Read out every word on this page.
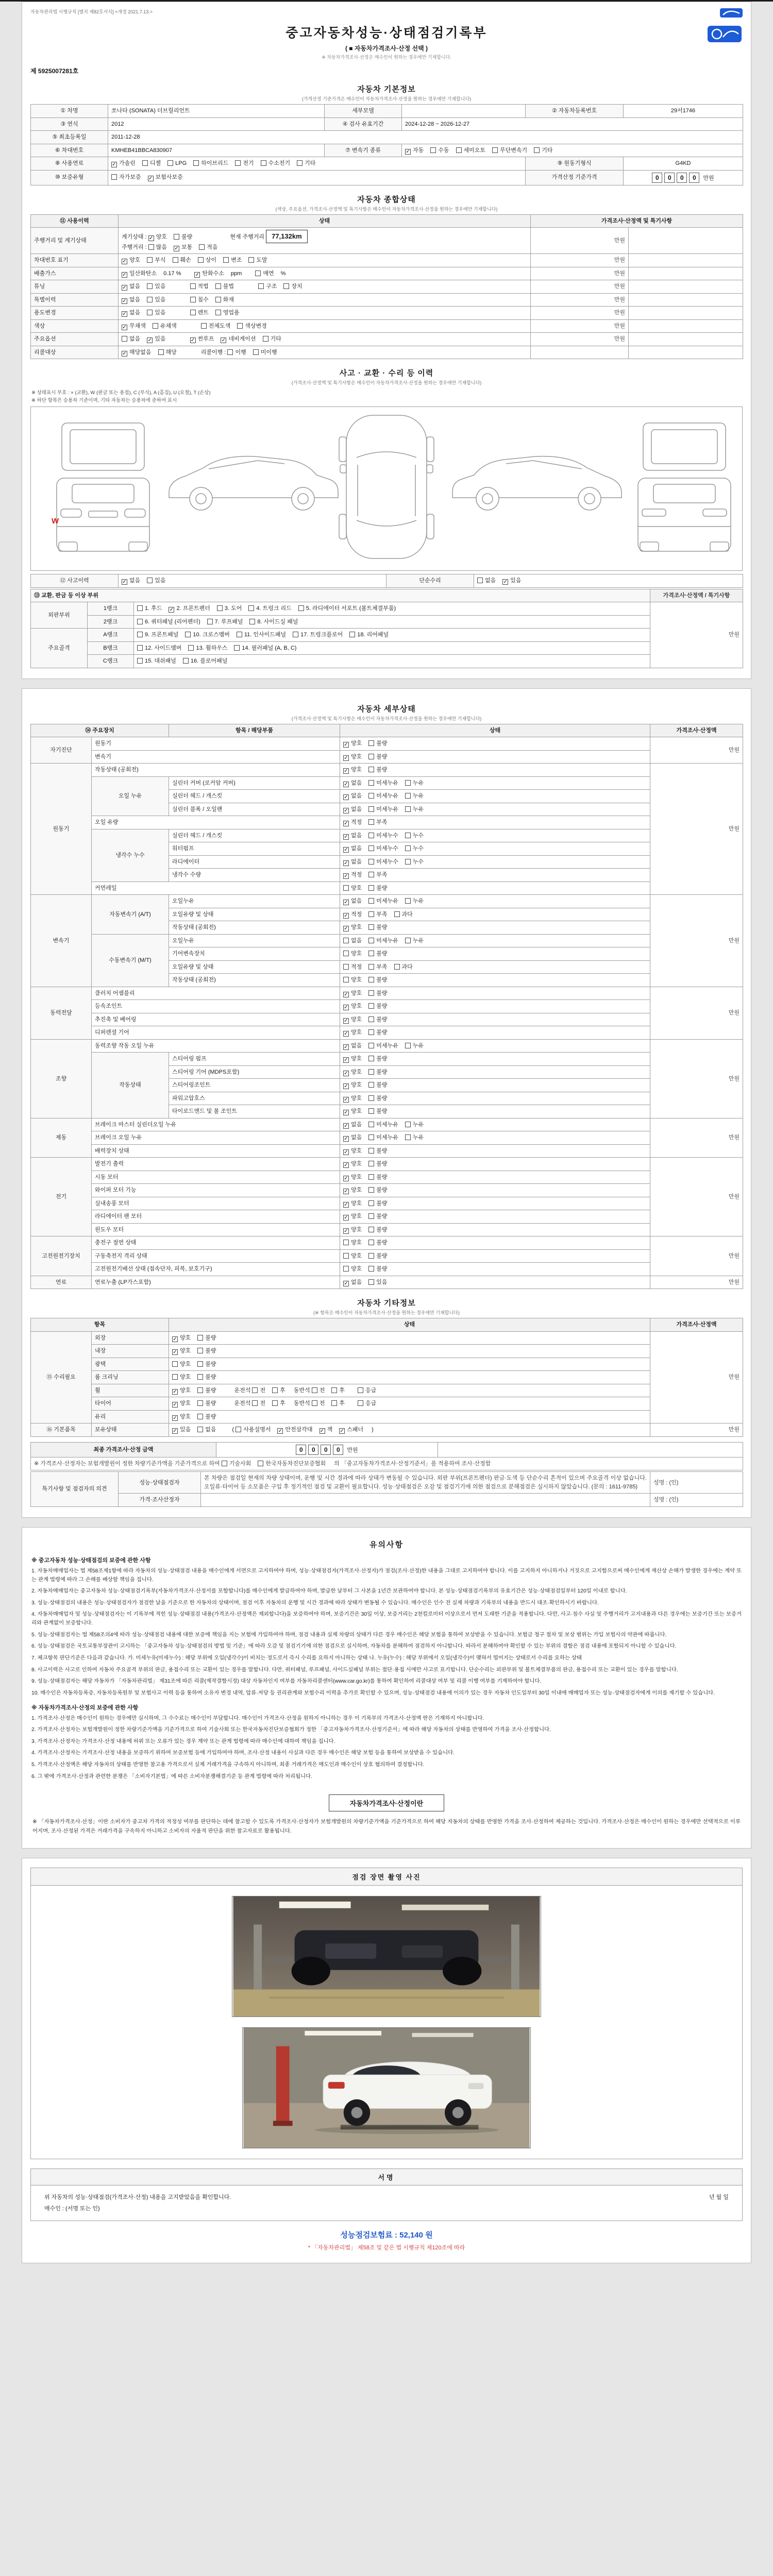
자동차관리법 시행규칙 [별지 제82호서식] <개정 2021.7.13.>
중고자동차성능·상태점검기록부
( ■ 자동차가격조사·산정 선택 )
※ 자동차가격조사·산정은 매수인이 원하는 경우에만 기재합니다.
제 5925007281호
자동차 기본정보
(가격산정 기준가격은 매수인이 자동차가격조사·산정을 원하는 경우에만 기재합니다)
① 차명	쏘나타 (SONATA) 더브릴리언트	세부모델		② 자동차등록번호	29서1746
③ 연식	2012	④ 검사 유효기간	2024-12-28 ~ 2026-12-27		
⑤ 최초등록일	2011-12-28				
⑥ 차대번호	KMHEB41BBCA830907	⑦ 변속기 종류	✓ 자동 수동 세미오토 무단변속기 기타		
⑧ 사용연료	✓ 가솔린 디젤 LPG 하이브리드 전기 수소전기 기타			⑨ 원동기형식	G4KD
⑩ 보증유형	자가보증 ✓ 보험사보증			가격산정 기준가격	0 0 0 0 만원
자동차 종합상태
(색상, 주요옵션, 가격조사·산정액 및 특기사항은 매수인이 자동차가격조사·산정을 원하는 경우에만 기재합니다)
⑪ 사용이력	상태	가격조사·산정액 및 특기사항	
주행거리 및 계기상태	계기상태 : ✓ 양호 불량 현재 주행거리 77,132km
주행거리 : 많음 ✓ 보통 적음	만원	
차대번호 표기	✓ 양호 부식 훼손 상이 변조 도말	만원	
배출가스	✓ 일산화탄소 0.17 % ✓ 탄화수소 ppm 매연 %	만원	
튜닝	✓ 없음 있음 적법 불법 구조 장치	만원	
특별이력	✓ 없음 있음 침수 화재	만원	
용도변경	✓ 없음 있음 렌트 영업용	만원	
색상	✓ 무채색 유채색 전체도색 색상변경	만원	
주요옵션	없음 ✓ 있음 ✓ 썬루프 ✓ 네비게이션 기타	만원	
리콜대상	✓ 해당없음 해당 리콜이행 : 이행 미이행		
사고 · 교환 · 수리 등 이력
(가격조사·산정액 및 특기사항은 매수인이 자동차가격조사·산정을 원하는 경우에만 기재합니다)
※ 상태표시 부호 : × (교환), W (판금 또는 용접), C (부식), A (흠집), U (요철), T (손상)
※ 하단 항목은 승용차 기준이며, 기타 자동차는 승용차에 준하여 표시
W
⑫ 사고이력	✓ 없음	있음	단순수리	없음 ✓ 있음
⑬ 교환, 판금 등 이상 부위			가격조사·산정액 / 특기사항
외판부위	1랭크	1. 후드 ✓ 2. 프론트펜더 3. 도어 4. 트렁크 리드 5. 라디에이터 서포트 (볼트체결부품)	만원
	2랭크	6. 쿼터패널 (리어펜더) 7. 루프패널 8. 사이드실 패널	
주요골격	A랭크	9. 프론트패널 10. 크로스멤버 11. 인사이드패널 17. 트렁크플로어 18. 리어패널	
	B랭크	12. 사이드멤버 13. 휠하우스 14. 필러패널 (A, B, C)	
	C랭크	15. 대쉬패널 16. 플로어패널	
자동차 세부상태
(가격조사·산정액 및 특기사항은 매수인이 자동차가격조사·산정을 원하는 경우에만 기재합니다)
⑭ 주요장치		항목 / 해당부품	상태	가격조사·산정액
자기진단	원동기		✓ 양호 불량	만원
	변속기		✓ 양호 불량	
원동기	작동상태 (공회전)		✓ 양호 불량	만원
	오일 누유	실린더 커버 (로커암 커버)	✓ 없음 미세누유 누유	
		실린더 헤드 / 개스킷	✓ 없음 미세누유 누유	
		실린더 블록 / 오일팬	✓ 없음 미세누유 누유	
	오일 유량		✓ 적정 부족	
	냉각수 누수	실린더 헤드 / 개스킷	✓ 없음 미세누수 누수	
		워터펌프	✓ 없음 미세누수 누수	
		라디에이터	✓ 없음 미세누수 누수	
		냉각수 수량	✓ 적정 부족	
	커먼레일		양호 불량	
변속기	자동변속기 (A/T)	오일누유	✓ 없음 미세누유 누유	만원
		오일유량 및 상태	✓ 적정 부족 과다	
		작동상태 (공회전)	✓ 양호 불량	
	수동변속기 (M/T)	오일누유	없음 미세누유 누유	
		기어변속장치	양호 불량	
		오일유량 및 상태	적정 부족 과다	
		작동상태 (공회전)	양호 불량	
동력전달	클러치 어셈블리		✓ 양호 불량	만원
	등속조인트		✓ 양호 불량	
	추진축 및 베어링		✓ 양호 불량	
	디퍼렌셜 기어		✓ 양호 불량	
조향	동력조향 작동 오일 누유		✓ 없음 미세누유 누유	만원
	작동상태	스티어링 펌프	✓ 양호 불량	
		스티어링 기어 (MDPS포함)	✓ 양호 불량	
		스티어링조인트	✓ 양호 불량	
		파워고압호스	✓ 양호 불량	
		타이로드엔드 및 볼 조인트	✓ 양호 불량	
제동	브레이크 마스터 실린더오일 누유		✓ 없음 미세누유 누유	만원
	브레이크 오일 누유		✓ 없음 미세누유 누유	
	배력장치 상태		✓ 양호 불량	
전기	발전기 출력		✓ 양호 불량	만원
	시동 모터		✓ 양호 불량	
	와이퍼 모터 기능		✓ 양호 불량	
	실내송풍 모터		✓ 양호 불량	
	라디에이터 팬 모터		✓ 양호 불량	
	윈도우 모터		✓ 양호 불량	
고전원전기장치	충전구 절연 상태		양호 불량	만원
	구동축전지 격리 상태		양호 불량	
	고전원전기배선 상태 (접속단자, 피복, 보호기구)		양호 불량	
연료	연료누출 (LP가스포함)		✓ 없음 있음	만원
자동차 기타정보
(※ 항목은 매수인이 자동차가격조사·산정을 원하는 경우에만 기재합니다)
항목		상태	가격조사·산정액
⑮ 수리필요	외장	✓ 양호 불량	만원
	내장	✓ 양호 불량	
	광택	양호 불량	
	룸 크리닝	양호 불량	
	휠	✓ 양호 불량 운전석 전 후 동반석 전 후 응급	
	타이어	✓ 양호 불량 운전석 전 후 동반석 전 후 응급	
	유리	✓ 양호 불량	
⑯ 기본품목	보유상태	✓ 있음 없음 ( 사용설명서 ✓ 안전삼각대 ✓ 잭 ✓ 스패너 )	만원
최종 가격조사·산정 금액	0 0 0 0 만원	
※ 가격조사·산정자는 보험개발원이 정한 차량기준가액을 기준가격으로 하여 기술사회	한국자동차진단보증협회 의 「중고자동차가격조사·산정기준서」를 적용하여 조사·산정함
특기사항 및 점검자의 의견	성능·상태점검자	본 차량은 점검일 현재의 차량 상태이며, 운행 및 시간 경과에 따라 상태가 변동될 수 있습니다. 외판 부위(프론트펜더) 판금·도색 등 단순수리 흔적이 있으며 주요골격 이상 없습니다. 오일류·타이어 등 소모품은 구입 후 정기적인 점검 및 교환이 필요합니다. 성능·상태점검은 오감 및 점검기기에 의한 점검으로 분해점검은 실시하지 않았습니다. (문의 : 1611-9785)	성명 : (인)
	가격·조사산정자		성명 : (인)
유의사항
※ 중고자동차 성능·상태점검의 보증에 관한 사항
1. 자동차매매업자는 법 제58조제1항에 따라 자동차의 성능·상태점검 내용을 매수인에게 서면으로 고지하여야 하며, 성능·상태점검자(가격조사·산정자)가 점검(조사·산정)한 내용을 그대로 고지하여야 합니다. 이를 고지하지 아니하거나 거짓으로 고지함으로써 매수인에게 재산상 손해가 발생한 경우에는 계약 또는 관계 법령에 따라 그 손해를 배상할 책임을 집니다.
2. 자동차매매업자는 중고자동차 성능·상태점검기록부(자동차가격조사·산정서를 포함합니다)를 매수인에게 발급하여야 하며, 발급한 날부터 그 사본을 1년간 보관하여야 합니다. 본 성능·상태점검기록부의 유효기간은 성능·상태점검일부터 120일 이내로 합니다.
3. 성능·상태점검의 내용은 성능·상태점검자가 점검한 날을 기준으로 한 자동차의 상태이며, 점검 이후 자동차의 운행 및 시간 경과에 따라 상태가 변동될 수 있습니다. 매수인은 인수 전 실제 차량과 기록부의 내용을 반드시 대조·확인하시기 바랍니다.
4. 자동차매매업자 및 성능·상태점검자는 이 기록부에 적힌 성능·상태점검 내용(가격조사·산정액은 제외합니다)을 보증하여야 하며, 보증기간은 30일 이상, 보증거리는 2천킬로미터 이상으로서 먼저 도래한 기준을 적용합니다. 다만, 사고·침수 사실 및 주행거리가 고지내용과 다른 경우에는 보증기간 또는 보증거리와 관계없이 보증합니다.
5. 성능·상태점검자는 법 제58조의4에 따라 성능·상태점검 내용에 대한 보증에 책임을 지는 보험에 가입하여야 하며, 점검 내용과 실제 차량의 상태가 다른 경우 매수인은 해당 보험을 통하여 보상받을 수 있습니다. 보험금 청구 절차 및 보상 범위는 가입 보험사의 약관에 따릅니다.
6. 성능·상태점검은 국토교통부장관이 고시하는 「중고자동차 성능·상태점검의 방법 및 기준」에 따라 오감 및 점검기기에 의한 점검으로 실시하며, 자동차를 분해하여 점검하지 아니합니다. 따라서 분해하여야 확인할 수 있는 부위의 결함은 점검 내용에 포함되지 아니할 수 있습니다.
7. 체크항목 판단기준은 다음과 같습니다. 가. 미세누유(미세누수) : 해당 부위에 오일(냉각수)이 비치는 정도로서 즉시 수리를 요하지 아니하는 상태 나. 누유(누수) : 해당 부위에서 오일(냉각수)이 맺혀서 떨어지는 상태로서 수리를 요하는 상태
8. 사고이력은 사고로 인하여 자동차 주요골격 부위의 판금, 용접수리 또는 교환이 있는 경우를 말합니다. 다만, 쿼터패널, 루프패널, 사이드실패널 부위는 절단·용접 시에만 사고로 표기합니다. 단순수리는 외판부위 및 볼트체결부품의 판금, 용접수리 또는 교환이 있는 경우를 말합니다.
9. 성능·상태점검자는 해당 자동차가 「자동차관리법」 제31조에 따른 리콜(제작결함시정) 대상 자동차인지 여부를 자동차리콜센터(www.car.go.kr)를 통하여 확인하여 리콜대상 여부 및 리콜 이행 여부를 기재하여야 합니다.
10. 매수인은 자동차등록증, 자동차등록원부 및 보험사고 이력 등을 통하여 소유자 변경 내역, 압류·저당 등 권리관계와 보험수리 이력을 추가로 확인할 수 있으며, 성능·상태점검 내용에 이의가 있는 경우 자동차 인도일부터 30일 이내에 매매업자 또는 성능·상태점검자에게 이의를 제기할 수 있습니다.
※ 자동차가격조사·산정의 보증에 관한 사항
1. 가격조사·산정은 매수인이 원하는 경우에만 실시하며, 그 수수료는 매수인이 부담합니다. 매수인이 가격조사·산정을 원하지 아니하는 경우 이 기록부의 가격조사·산정액 란은 기재하지 아니합니다.
2. 가격조사·산정자는 보험개발원이 정한 차량기준가액을 기준가격으로 하여 기술사회 또는 한국자동차진단보증협회가 정한 「중고자동차가격조사·산정기준서」에 따라 해당 자동차의 상태를 반영하여 가격을 조사·산정합니다.
3. 가격조사·산정자는 가격조사·산정 내용에 허위 또는 오류가 있는 경우 계약 또는 관계 법령에 따라 매수인에 대하여 책임을 집니다.
4. 가격조사·산정자는 가격조사·산정 내용을 보증하기 위하여 보증보험 등에 가입하여야 하며, 조사·산정 내용이 사실과 다른 경우 매수인은 해당 보험 등을 통하여 보상받을 수 있습니다.
5. 가격조사·산정액은 해당 자동차의 상태를 반영한 참고용 가격으로서 실제 거래가격을 구속하지 아니하며, 최종 거래가격은 매도인과 매수인이 상호 협의하여 결정합니다.
6. 그 밖에 가격조사·산정과 관련한 분쟁은 「소비자기본법」에 따른 소비자분쟁해결기준 등 관계 법령에 따라 처리됩니다.
자동차가격조사·산정이란
※ 「자동차가격조사·산정」이란 소비자가 중고차 가격의 적정성 여부를 판단하는 데에 참고할 수 있도록 가격조사·산정자가 보험개발원의 차량기준가액을 기준가격으로 하여 해당 자동차의 상태를 반영한 가격을 조사·산정하여 제공하는 것입니다. 가격조사·산정은 매수인이 원하는 경우에만 선택적으로 이루어지며, 조사·산정된 가격은 거래가격을 구속하지 아니하고 소비자의 자율적 판단을 위한 참고자료로 활용됩니다.
점검 장면 촬영 사진
서명
위 자동차의 성능·상태점검(가격조사·산정) 내용을 고지받았음을 확인합니다.	년 월 일
매수인 : (서명 또는 인)
성능점검보험료 : 52,140 원
* 「자동차관리법」 제58조 및 같은 법 시행규칙 제120조에 따라
